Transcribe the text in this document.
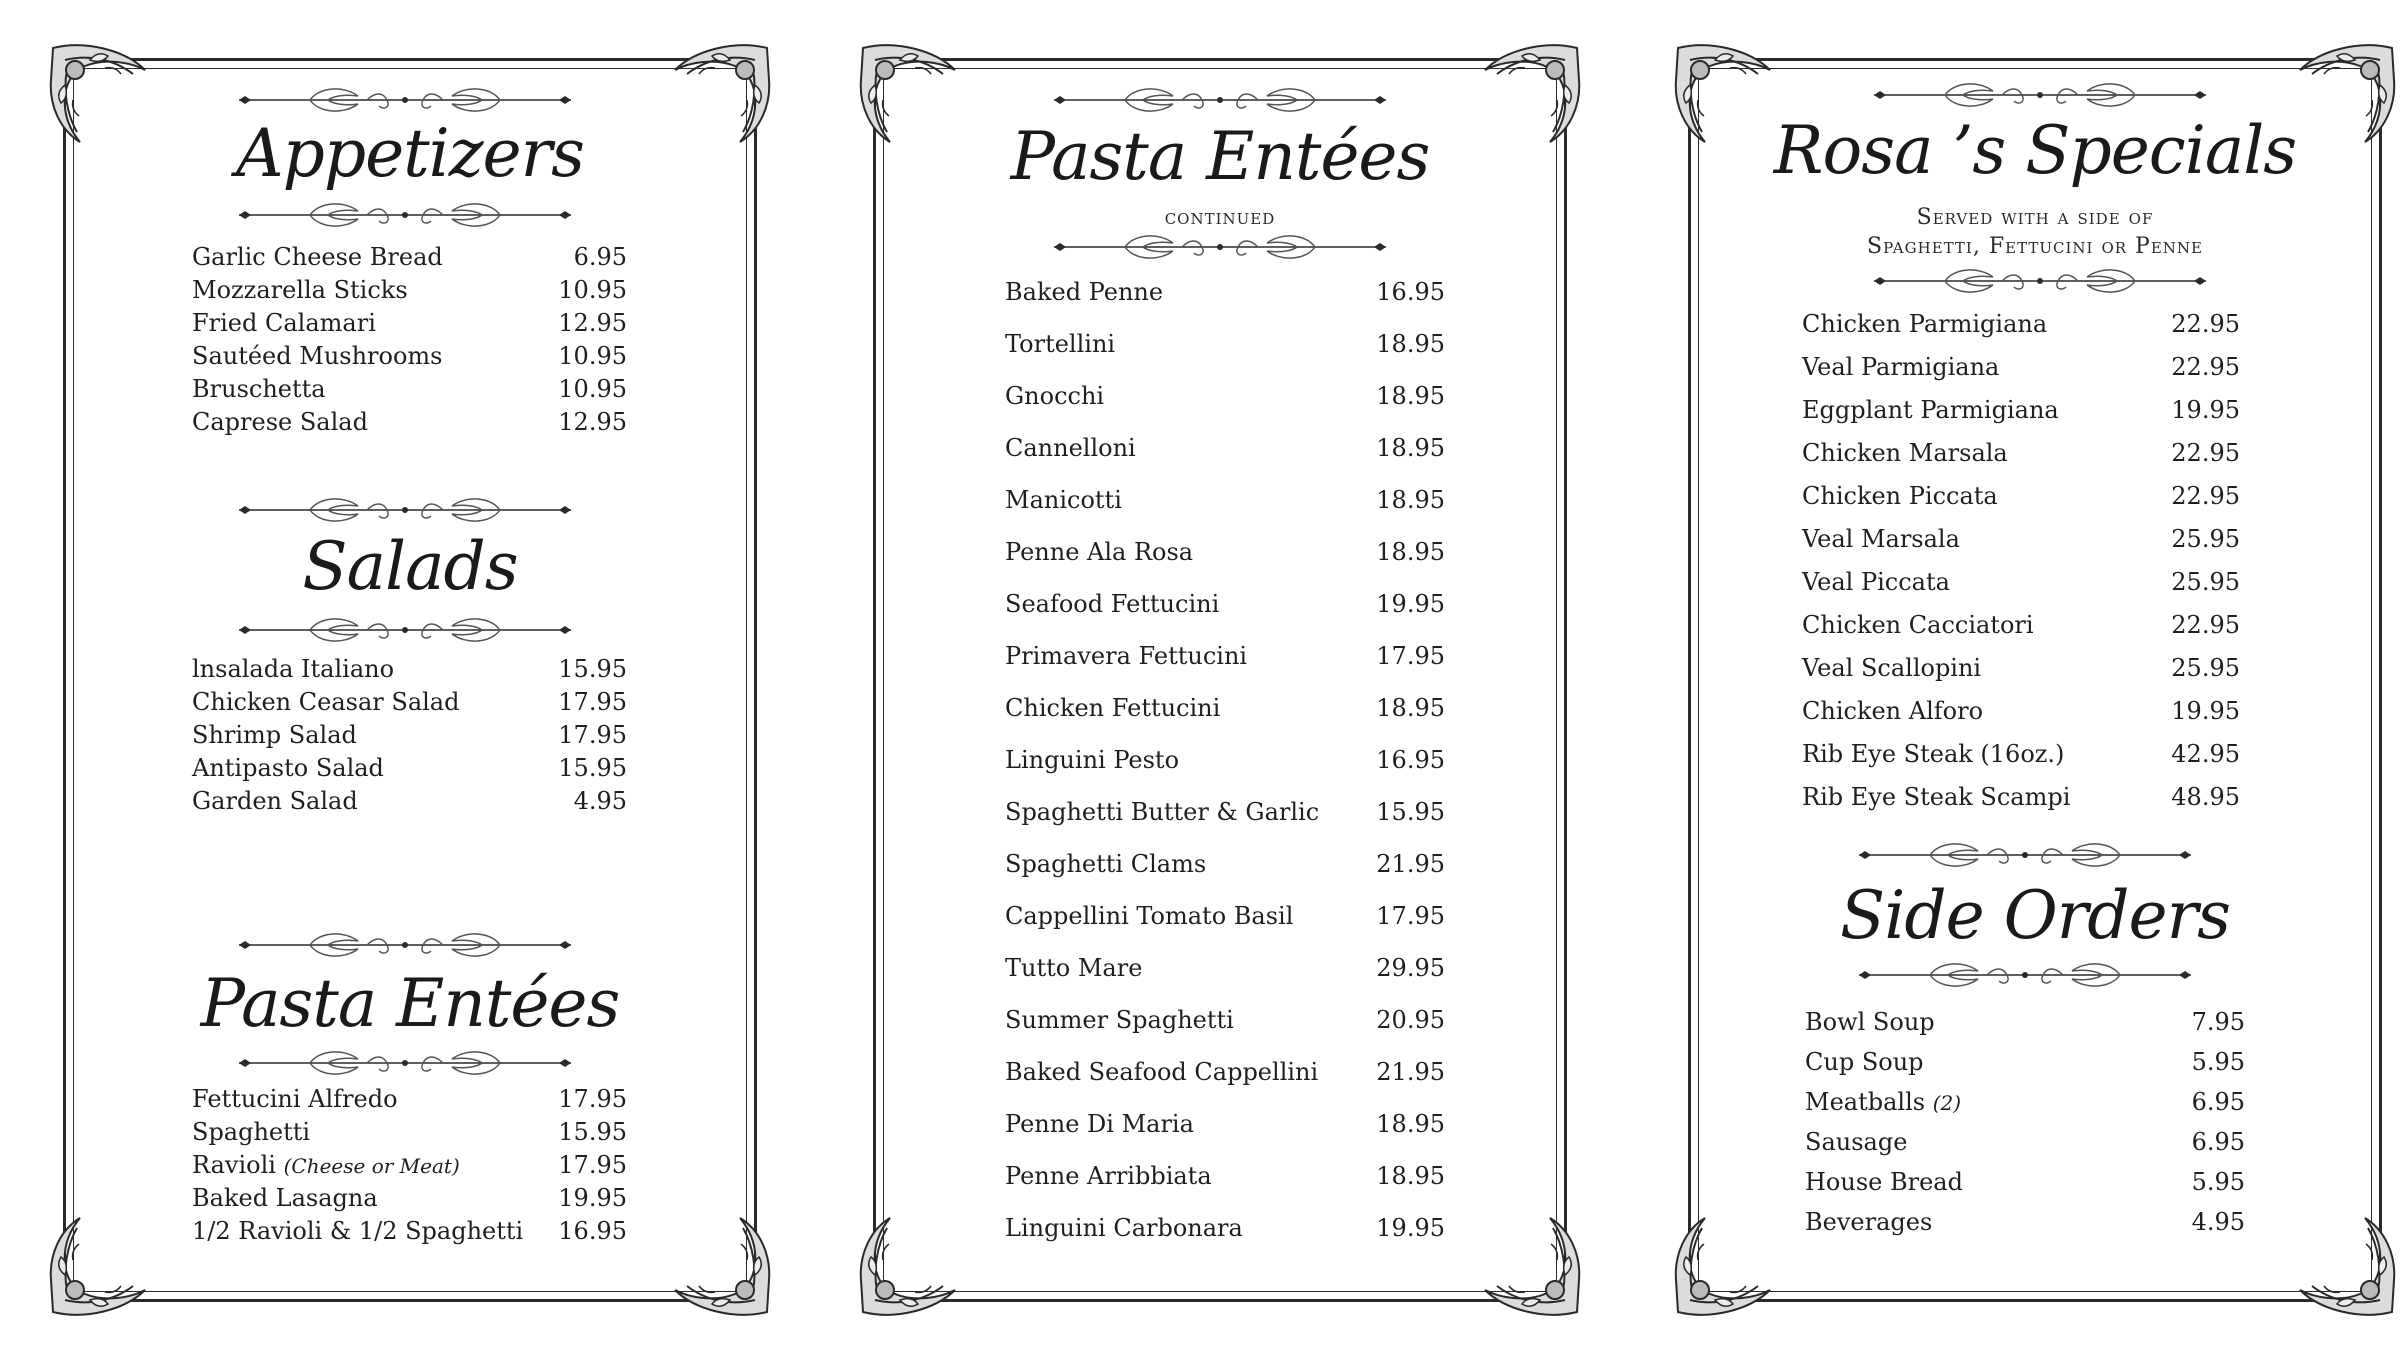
Appetizers
Garlic Cheese Bread	6.95
Mozzarella Sticks	10.95
Fried Calamari	12.95
Sautéed Mushrooms	10.95
Bruschetta	10.95
Caprese Salad	12.95
Salads
lnsalada Italiano	15.95
Chicken Ceasar Salad	17.95
Shrimp Salad	17.95
Antipasto Salad	15.95
Garden Salad	4.95
Pasta Entées
Fettucini Alfredo	17.95
Spaghetti	15.95
Ravioli (Cheese or Meat)	17.95
Baked Lasagna	19.95
1/2 Ravioli & 1/2 Spaghetti 16.95
Pasta Entées
continued
Baked Penne	16.95
Tortellini	18.95
Gnocchi	18.95
Cannelloni	18.95
Manicotti	18.95
Penne Ala Rosa	18.95
Seafood Fettucini	19.95
Primavera Fettucini	17.95
Chicken Fettucini	18.95
Linguini Pesto	16.95
Spaghetti Butter & Garlic 15.95
Spaghetti Clams	21.95
Cappellini Tomato Basil	17.95
Tutto Mare	29.95
Summer Spaghetti	20.95
Baked Seafood Cappellini 21.95
Penne Di Maria	18.95
Penne Arribbiata	18.95
Linguini Carbonara	19.95
Rosa ’s Specials
Served with a side of
Spaghetti, Fettucini or Penne
Chicken Parmigiana	22.95
Veal Parmigiana	22.95
Eggplant Parmigiana	19.95
Chicken Marsala	22.95
Chicken Piccata	22.95
Veal Marsala	25.95
Veal Piccata	25.95
Chicken Cacciatori	22.95
Veal Scallopini	25.95
Chicken Alforo	19.95
Rib Eye Steak (16oz.)	42.95
Rib Eye Steak Scampi	48.95
Side Orders
Bowl Soup	7.95
Cup Soup	5.95
Meatballs (2)	6.95
Sausage	6.95
House Bread	5.95
Beverages	4.95
